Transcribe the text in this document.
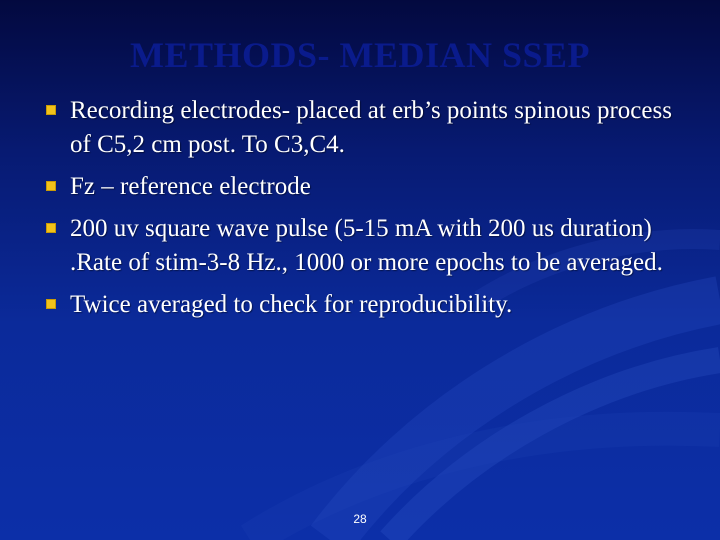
METHODS- MEDIAN SSEP
Recording electrodes- placed at erb’s points spinous process of C5,2 cm post. To C3,C4.
Fz – reference electrode
200 uv square wave pulse (5-15 mA with 200 us duration) .Rate of stim-3-8 Hz., 1000 or more epochs to be averaged.
Twice averaged to check for reproducibility.
28
